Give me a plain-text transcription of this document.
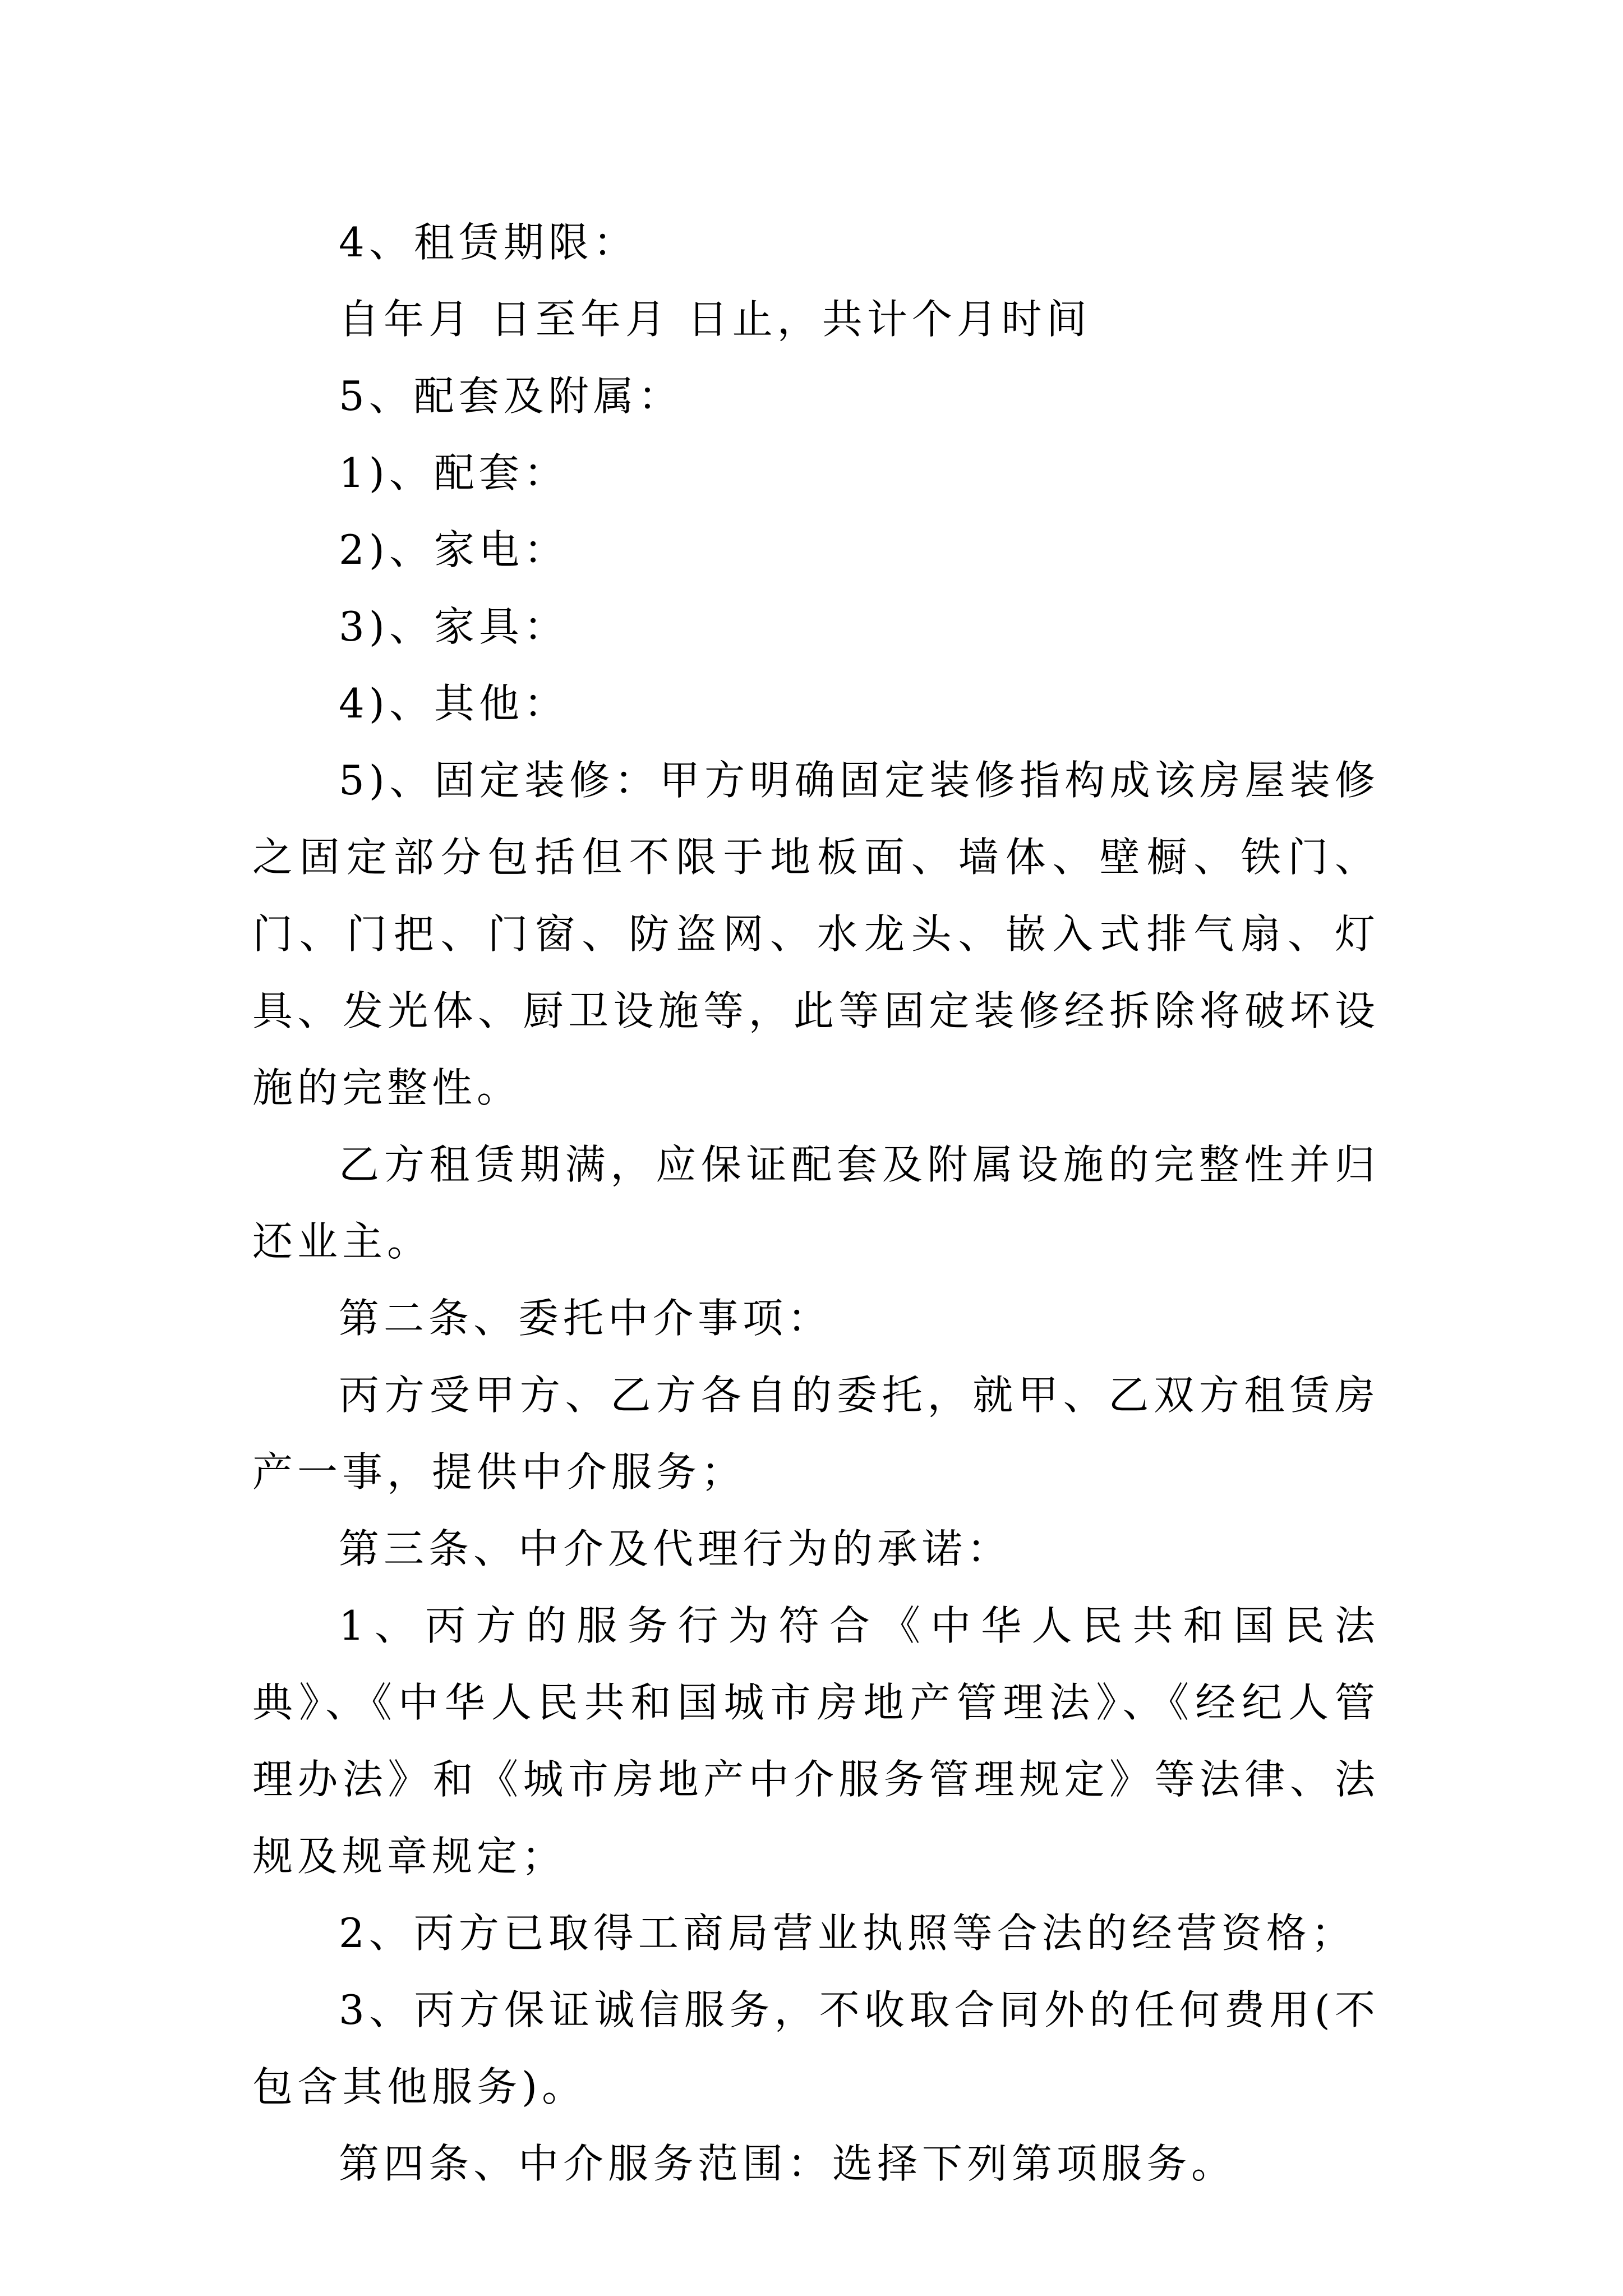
4、租赁期限：

自年月 日至年月 日止，共计个月时间

5、配套及附属：

1)、配套：

2)、家电：

3)、家具：

4)、其他：

5)、固定装修：甲方明确固定装修指构成该房屋装修之固定部分包括但不限于地板面、墙体、壁橱、铁门、门、门把、门窗、防盗网、水龙头、嵌入式排气扇、灯具、发光体、厨卫设施等，此等固定装修经拆除将破坏设施的完整性。

乙方租赁期满，应保证配套及附属设施的完整性并归还业主。

第二条、委托中介事项：

丙方受甲方、乙方各自的委托，就甲、乙双方租赁房产一事，提供中介服务；

第三条、中介及代理行为的承诺：

1、丙方的服务行为符合《中华人民共和国民法典》、《中华人民共和国城市房地产管理法》、《经纪人管理办法》和《城市房地产中介服务管理规定》等法律、法规及规章规定；

2、丙方已取得工商局营业执照等合法的经营资格；

3、丙方保证诚信服务，不收取合同外的任何费用(不包含其他服务)。

第四条、中介服务范围：选择下列第项服务。
